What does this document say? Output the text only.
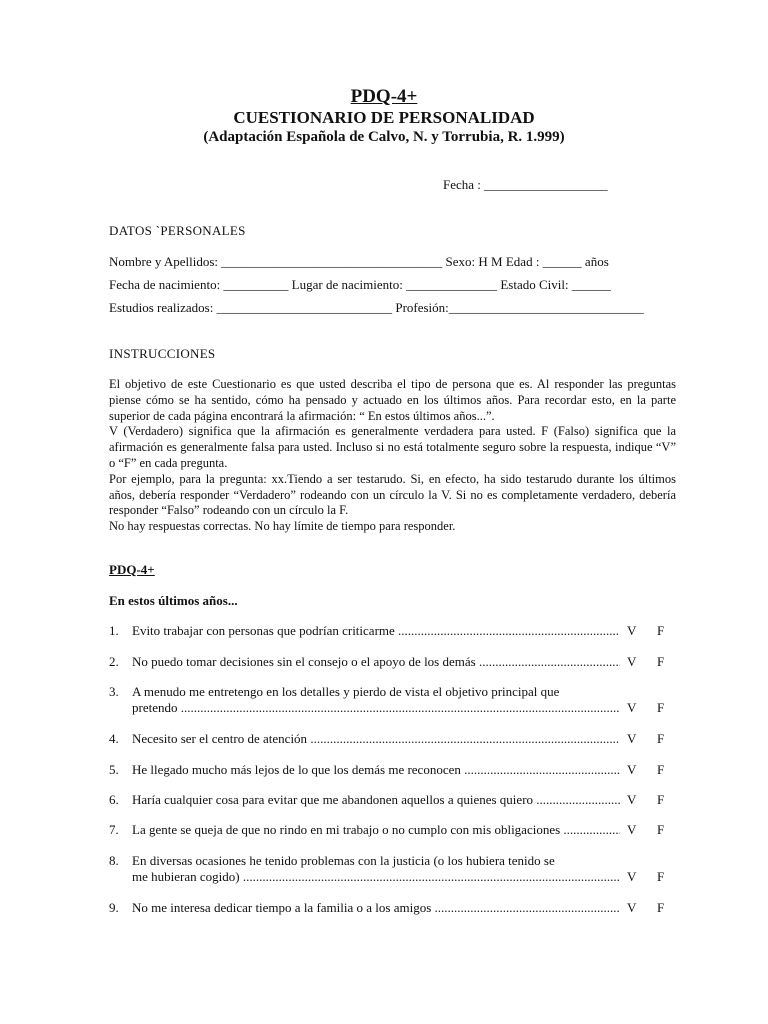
PDQ-4+
CUESTIONARIO DE PERSONALIDAD
(Adaptación Española de Calvo, N. y Torrubia, R. 1.999)
Fecha : ___________________
DATOS `PERSONALES
Nombre y Apellidos: __________________________________ Sexo: H M Edad : ______ años
Fecha de nacimiento: __________ Lugar de nacimiento: ______________ Estado Civil: ______
Estudios realizados: ___________________________ Profesión:______________________________
INSTRUCCIONES

El objetivo de este Cuestionario es que usted describa el tipo de persona que es. Al responder las preguntas piense cómo se ha sentido, cómo ha pensado y actuado en los últimos años. Para recordar esto, en la parte superior de cada página encontrará la afirmación: “ En estos últimos años...”.

V (Verdadero) significa que la afirmación es generalmente verdadera para usted. F (Falso) significa que la afirmación es generalmente falsa para usted. Incluso si no está totalmente seguro sobre la respuesta, indique “V” o “F” en cada pregunta.

Por ejemplo, para la pregunta: xx.Tiendo a ser testarudo. Si, en efecto, ha sido testarudo durante los últimos años, debería responder “Verdadero” rodeando con un círculo la V. Si no es completamente verdadero, debería responder “Falso” rodeando con un círculo la F.

No hay respuestas correctas. No hay límite de tiempo para responder.

PDQ-4+
En estos últimos años...
1.	Evito trabajar con personas que podrían criticarme .....	V	F
2.	No puedo tomar decisiones sin el consejo o el apoyo de los demás .....	V	F
3.	A menudo me entretengo en los detalles y pierdo de vista el objetivo principal que
pretendo .....	V	F
4.	Necesito ser el centro de atención .....	V	F
5.	He llegado mucho más lejos de lo que los demás me reconocen .....	V	F
6.	Haría cualquier cosa para evitar que me abandonen aquellos a quienes quiero .....	V	F
7.	La gente se queja de que no rindo en mi trabajo o no cumplo con mis obligaciones .....	V	F
8.	En diversas ocasiones he tenido problemas con la justicia (o los hubiera tenido se
me hubieran cogido) .....	V	F
9.	No me interesa dedicar tiempo a la familia o a los amigos .....	V	F
